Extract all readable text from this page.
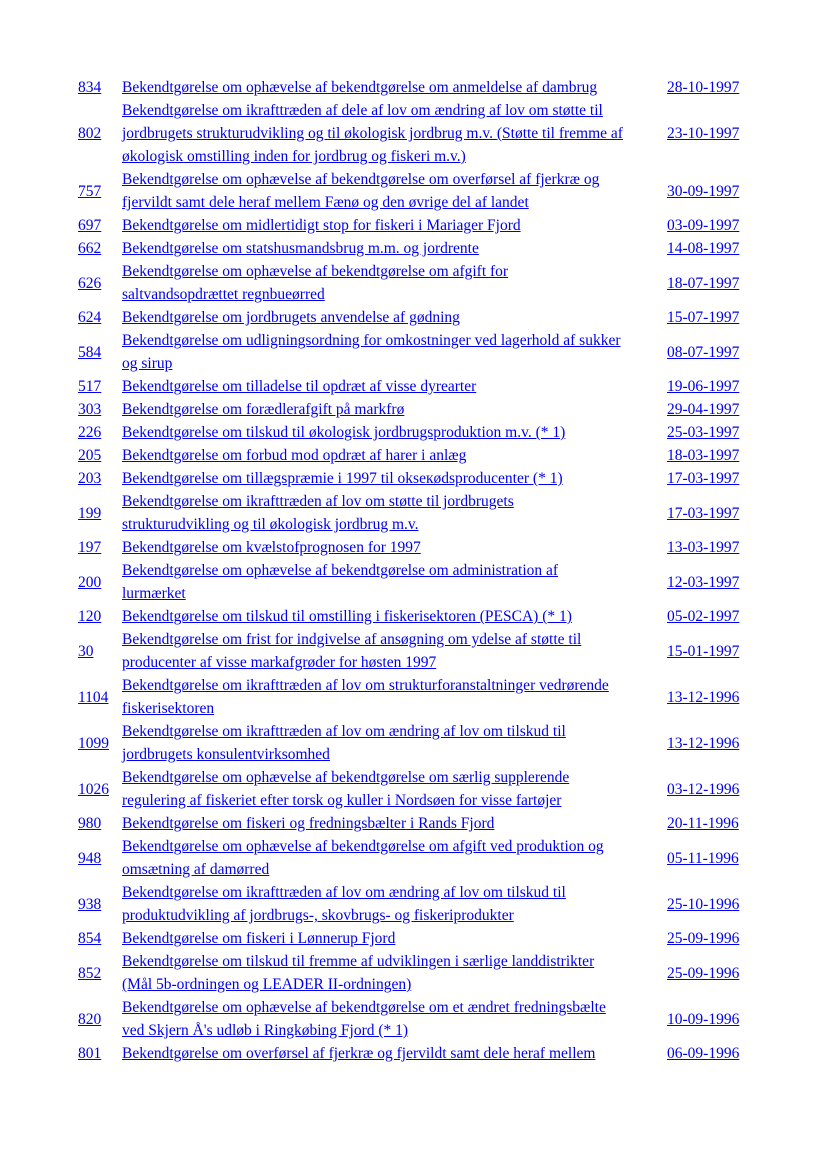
834	Bekendtgørelse om ophævelse af bekendtgørelse om anmeldelse af dambrug	28-10-1997
802	Bekendtgørelse om ikrafttræden af dele af lov om ændring af lov om støtte til
jordbrugets strukturudvikling og til økologisk jordbrug m.v. (Støtte til fremme af
økologisk omstilling inden for jordbrug og fiskeri m.v.)	23-10-1997
757	Bekendtgørelse om ophævelse af bekendtgørelse om overførsel af fjerkræ og
fjervildt samt dele heraf mellem Fænø og den øvrige del af landet	30-09-1997
697	Bekendtgørelse om midlertidigt stop for fiskeri i Mariager Fjord	03-09-1997
662	Bekendtgørelse om statshusmandsbrug m.m. og jordrente	14-08-1997
626	Bekendtgørelse om ophævelse af bekendtgørelse om afgift for
saltvandsopdrættet regnbueørred	18-07-1997
624	Bekendtgørelse om jordbrugets anvendelse af gødning	15-07-1997
584	Bekendtgørelse om udligningsordning for omkostninger ved lagerhold af sukker
og sirup	08-07-1997
517	Bekendtgørelse om tilladelse til opdræt af visse dyrearter	19-06-1997
303	Bekendtgørelse om forædlerafgift på markfrø	29-04-1997
226	Bekendtgørelse om tilskud til økologisk jordbrugsproduktion m.v. (* 1)	25-03-1997
205	Bekendtgørelse om forbud mod opdræt af harer i anlæg	18-03-1997
203	Bekendtgørelse om tillægspræmie i 1997 til okseкødsproducenter (* 1)	17-03-1997
199	Bekendtgørelse om ikrafttræden af lov om støtte til jordbrugets
strukturudvikling og til økologisk jordbrug m.v.	17-03-1997
197	Bekendtgørelse om kvælstofprognosen for 1997	13-03-1997
200	Bekendtgørelse om ophævelse af bekendtgørelse om administration af
lurmærket	12-03-1997
120	Bekendtgørelse om tilskud til omstilling i fiskerisektoren (PESCA) (* 1)	05-02-1997
30	Bekendtgørelse om frist for indgivelse af ansøgning om ydelse af støtte til
producenter af visse markafgrøder for høsten 1997	15-01-1997
1104	Bekendtgørelse om ikrafttræden af lov om strukturforanstaltninger vedrørende
fiskerisektoren	13-12-1996
1099	Bekendtgørelse om ikrafttræden af lov om ændring af lov om tilskud til
jordbrugets konsulentvirksomhed	13-12-1996
1026	Bekendtgørelse om ophævelse af bekendtgørelse om særlig supplerende
regulering af fiskeriet efter torsk og kuller i Nordsøen for visse fartøjer	03-12-1996
980	Bekendtgørelse om fiskeri og fredningsbælter i Rands Fjord	20-11-1996
948	Bekendtgørelse om ophævelse af bekendtgørelse om afgift ved produktion og
omsætning af damørred	05-11-1996
938	Bekendtgørelse om ikrafttræden af lov om ændring af lov om tilskud til
produktudvikling af jordbrugs-, skovbrugs- og fiskeriprodukter	25-10-1996
854	Bekendtgørelse om fiskeri i Lønnerup Fjord	25-09-1996
852	Bekendtgørelse om tilskud til fremme af udviklingen i særlige landdistrikter
(Mål 5b-ordningen og LEADER II-ordningen)	25-09-1996
820	Bekendtgørelse om ophævelse af bekendtgørelse om et ændret fredningsbælte
ved Skjern Å's udløb i Ringkøbing Fjord (* 1)	10-09-1996
801	Bekendtgørelse om overførsel af fjerkræ og fjervildt samt dele heraf mellem	06-09-1996
